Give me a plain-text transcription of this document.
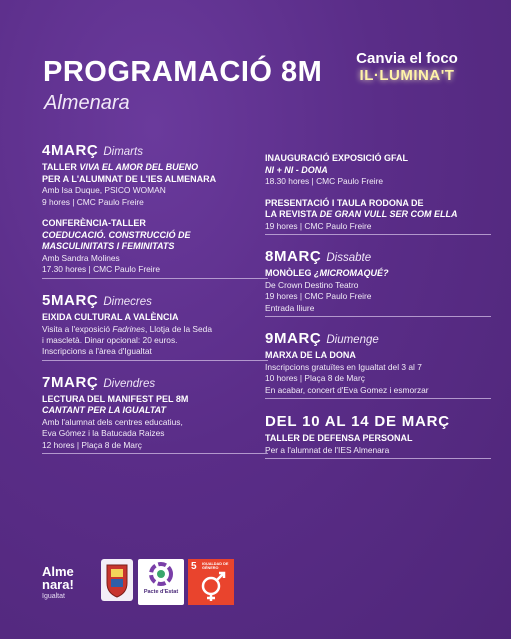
PROGRAMACIÓ 8M
Almenara
Canvia el foco
IL·LUMINA'T
4MARÇ Dimarts
TALLER VIVA EL AMOR DEL BUENO
PER A L'ALUMNAT DE L'IES ALMENARA
Amb Isa Duque, PSICO WOMAN
9 hores | CMC Paulo Freire
CONFERÈNCIA-TALLER
COEDUCACIÓ. CONSTRUCCIÓ DE
MASCULINITATS I FEMINITATS
Amb Sandra Molines
17.30 hores | CMC Paulo Freire
5MARÇ Dimecres
EIXIDA CULTURAL A VALÈNCIA
Visita a l'exposició Fadrines, Llotja de la Seda
i mascletà. Dinar opcional: 20 euros.
Inscripcions a l'àrea d'Igualtat
7MARÇ Divendres
LECTURA DEL MANIFEST PEL 8M
CANTANT PER LA IGUALTAT
Amb l'alumnat dels centres educatius,
Eva Gómez i la Batucada Raizes
12 hores | Plaça 8 de Març
INAUGURACIÓ EXPOSICIÓ GFAL
NI + NI - DONA
18.30 hores | CMC Paulo Freire
PRESENTACIÓ I TAULA RODONA DE
LA REVISTA DE GRAN VULL SER COM ELLA
19 hores | CMC Paulo Freire
8MARÇ Dissabte
MONÒLEG ¿MICROMAQUÉ?
De Crown Destino Teatro
19 hores | CMC Paulo Freire
Entrada lliure
9MARÇ Diumenge
MARXA DE LA DONA
Inscripcions gratuïtes en Igualtat del 3 al 7
10 hores | Plaça 8 de Març
En acabar, concert d'Eva Gomez i esmorzar
DEL 10 AL 14 DE MARÇ
TALLER DE DEFENSA PERSONAL
Per a l'alumnat de l'IES Almenara
Alme
nara!
Igualtat
Pacte d'Estat
5 IGUALDAD DE GÉNERO
